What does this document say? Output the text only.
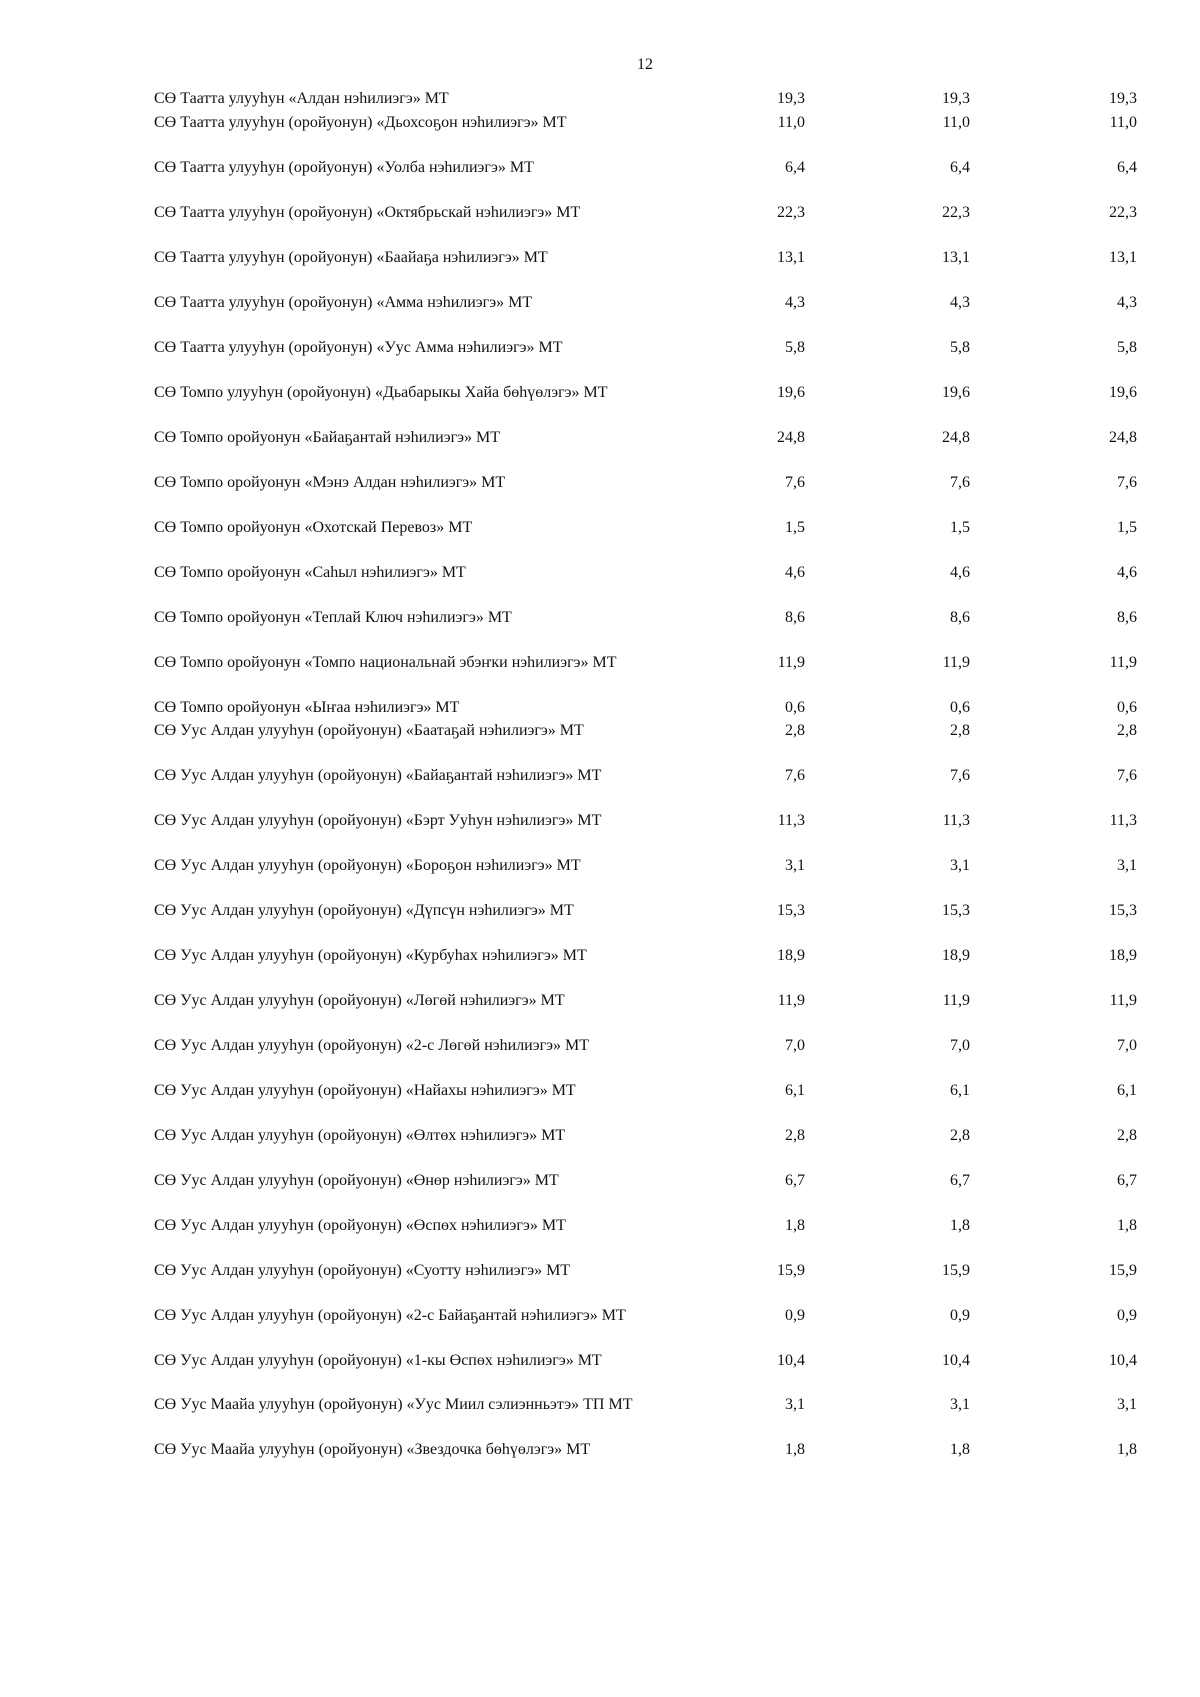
12
СӨ Таатта улууһун «Алдан нэһилиэгэ» МТ	19,3	19,3	19,3
СӨ Таатта улууһун (оройуонун) «Дьохсоҕон нэһилиэгэ» МТ	11,0	11,0	11,0
СӨ Таатта улууһун (оройуонун) «Уолба нэһилиэгэ» МТ	6,4	6,4	6,4
СӨ Таатта улууһун (оройуонун) «Октябрьскай нэһилиэгэ» МТ	22,3	22,3	22,3
СӨ Таатта улууһун (оройуонун) «Баайаҕа нэһилиэгэ» МТ	13,1	13,1	13,1
СӨ Таатта улууһун (оройуонун) «Амма нэһилиэгэ» МТ	4,3	4,3	4,3
СӨ Таатта улууһун (оройуонун) «Уус Амма нэһилиэгэ» МТ	5,8	5,8	5,8
СӨ Томпо улууһун (оройуонун) «Дьабарыкы Хайа бөһүөлэгэ» МТ	19,6	19,6	19,6
СӨ Томпо оройуонун «Байаҕантай нэһилиэгэ» МТ	24,8	24,8	24,8
СӨ Томпо оройуонун «Мэнэ Алдан нэһилиэгэ» МТ	7,6	7,6	7,6
СӨ Томпо оройуонун «Охотскай Перевоз» МТ	1,5	1,5	1,5
СӨ Томпо оройуонун «Саһыл нэһилиэгэ» МТ	4,6	4,6	4,6
СӨ Томпо оройуонун «Теплай Ключ нэһилиэгэ» МТ	8,6	8,6	8,6
СӨ Томпо оройуонун «Томпо национальнай эбэҥки нэһилиэгэ» МТ	11,9	11,9	11,9
СӨ Томпо оройуонун «Ыҥаа нэһилиэгэ» МТ	0,6	0,6	0,6
СӨ Уус Алдан улууһун (оройуонун) «Баатаҕай нэһилиэгэ» МТ	2,8	2,8	2,8
СӨ Уус Алдан улууһун (оройуонун) «Байаҕантай нэһилиэгэ» МТ	7,6	7,6	7,6
СӨ Уус Алдан улууһун (оройуонун) «Бэрт Ууһун нэһилиэгэ» МТ	11,3	11,3	11,3
СӨ Уус Алдан улууһун (оройуонун) «Бороҕон нэһилиэгэ» МТ	3,1	3,1	3,1
СӨ Уус Алдан улууһун (оройуонун) «Дүпсүн нэһилиэгэ» МТ	15,3	15,3	15,3
СӨ Уус Алдан улууһун (оройуонун) «Курбуһах нэһилиэгэ» МТ	18,9	18,9	18,9
СӨ Уус Алдан улууһун (оройуонун) «Лөгөй нэһилиэгэ» МТ	11,9	11,9	11,9
СӨ Уус Алдан улууһун (оройуонун) «2-с Лөгөй нэһилиэгэ» МТ	7,0	7,0	7,0
СӨ Уус Алдан улууһун (оройуонун) «Найахы нэһилиэгэ» МТ	6,1	6,1	6,1
СӨ Уус Алдан улууһун (оройуонун) «Өлтөх нэһилиэгэ» МТ	2,8	2,8	2,8
СӨ Уус Алдан улууһун (оройуонун) «Өнөр нэһилиэгэ» МТ	6,7	6,7	6,7
СӨ Уус Алдан улууһун (оройуонун) «Өспөх нэһилиэгэ» МТ	1,8	1,8	1,8
СӨ Уус Алдан улууһун (оройуонун) «Суотту нэһилиэгэ» МТ	15,9	15,9	15,9
СӨ Уус Алдан улууһун (оройуонун) «2-с Байаҕантай нэһилиэгэ» МТ	0,9	0,9	0,9
СӨ Уус Алдан улууһун (оройуонун) «1-кы Өспөх нэһилиэгэ» МТ	10,4	10,4	10,4
СӨ Уус Маайа улууһун (оройуонун) «Уус Миил сэлиэнньэтэ» ТП МТ	3,1	3,1	3,1
СӨ Уус Маайа улууһун (оройуонун) «Звездочка бөһүөлэгэ» МТ	1,8	1,8	1,8
